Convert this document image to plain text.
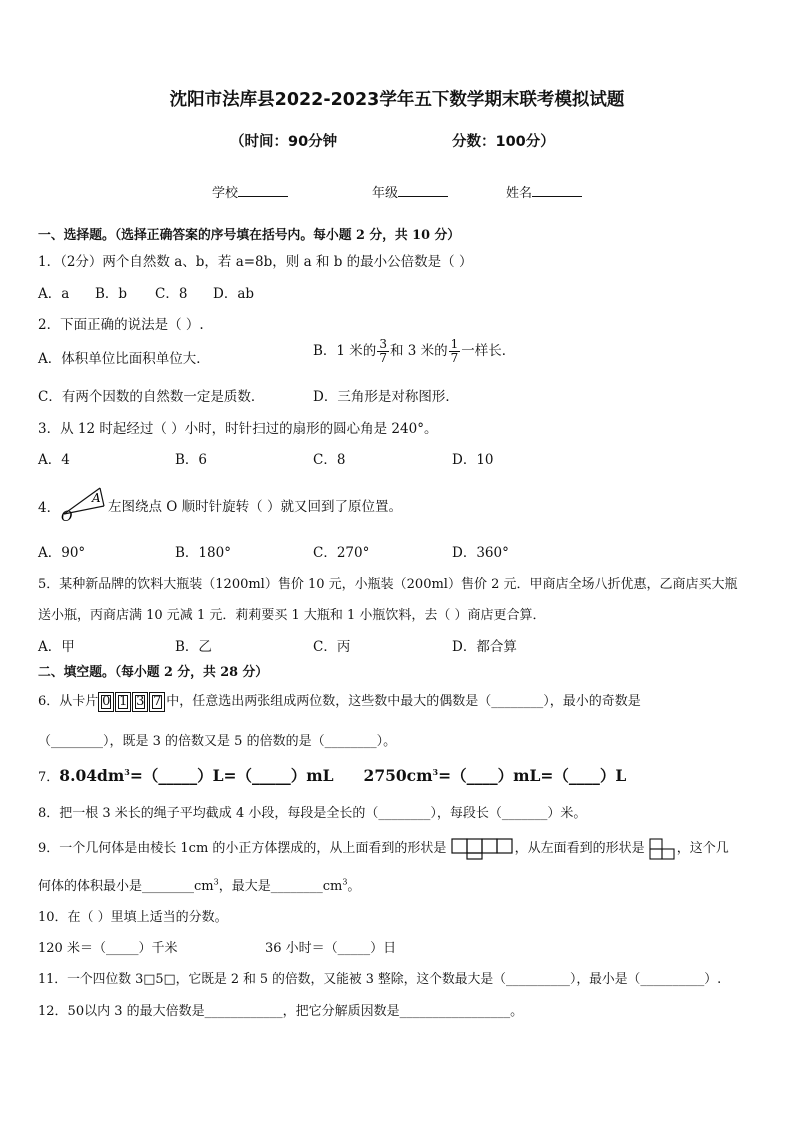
沈阳市法库县2022-2023学年五下数学期末联考模拟试题
（时间：90分钟	分数：100分）
学校	年级	姓名
一、选择题。（选择正确答案的序号填在括号内。每小题 2 分，共 10 分）
1．（2分）两个自然数 a、b，若 a=8b，则 a 和 b 的最小公倍数是（ ）
A．a B．b C．8 D．ab
2．下面正确的说法是（ ）.
A．体积单位比面积单位大．	B．1 米的 $\frac{3}{7}$ 和 3 米的 $\frac{1}{7}$ 一样长．
C．有两个因数的自然数一定是质数．	D．三角形是对称图形．
3．从 12 时起经过（ ）小时，时针扫过的扇形的圆心角是 240°。
A．4	B．6	C．8	D．10
4．
A
O
左图绕点 O 顺时针旋转（ ）就又回到了原位置。
A．90°	B．180°	C．270°	D．360°
5．某种新品牌的饮料大瓶装（1200ml）售价 10 元，小瓶装（200ml）售价 2 元．甲商店全场八折优惠，乙商店买大瓶
送小瓶，丙商店满 10 元减 1 元．莉莉要买 1 大瓶和 1 小瓶饮料，去（ ）商店更合算．
A．甲	B．乙	C．丙	D．都合算
二、填空题。（每小题 2 分，共 28 分）
6．从卡片 0 1 3 7 中，任意选出两张组成两位数，这些数中最大的偶数是（________），最小的奇数是
（________），既是 3 的倍数又是 5 的倍数的是（________）。
7．$8.04dm^3=(\_\_\_\_\_)L=(\_\_\_\_\_)mL$ $2750cm^3=(\_\_\_\_)mL=(\_\_\_\_)L$
8．把一根 3 米长的绳子平均截成 4 小段，每段是全长的（________），每段长（_______）米。
9．一个几何体是由棱长 1cm 的小正方体摆成的，从上面看到的形状是	，从左面看到的形状是 ，这个几
何体的体积最小是$\_\_\_\_\_\_\_\_cm^3$，最大是$\_\_\_\_\_\_\_\_cm^3$。
10．在（ ）里填上适当的分数。
120 米＝（_____）千米	36 小时＝（_____）日
11．一个四位数 3□5□，它既是 2 和 5 的倍数，又能被 3 整除，这个数最大是（__________），最小是（__________）.
12．50以内 3 的最大倍数是____________，把它分解质因数是_________________。
